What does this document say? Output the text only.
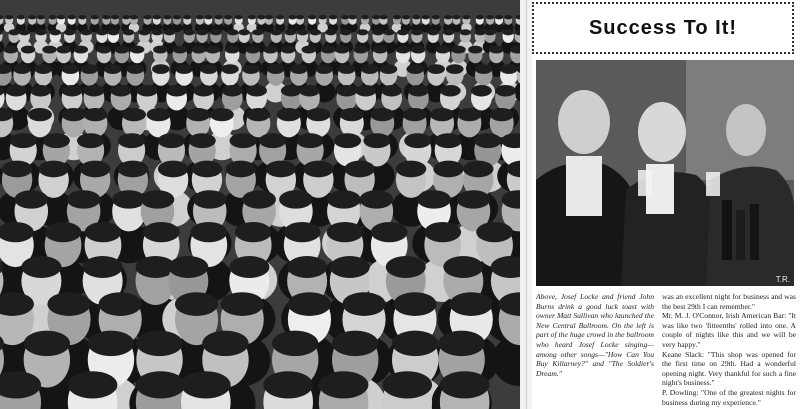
Success To It!
T.R.

Above, Josef Locke and friend John Burns drink a good luck toast with owner Matt Sullivan who launched the New Central Ballroom. On the left is part of the huge crowd in the ballroom who heard Josef Locke singing—among other songs—"How Can You Buy Killarney?" and "The Soldier's Dream."

was an excellent night for business and was the best 29th I can remember."

Mr. M. J. O'Connor, Irish American Bar: "It was like two 'fitteenths' rolled into one. A couple of nights like this and we will be very happy."

Keane Slack: "This shop was opened for the first time on 29th. Had a wonderful opening night. Very thankful for such a fine night's business."

P. Dowling: "One of the greatest nights for business during my experience."
